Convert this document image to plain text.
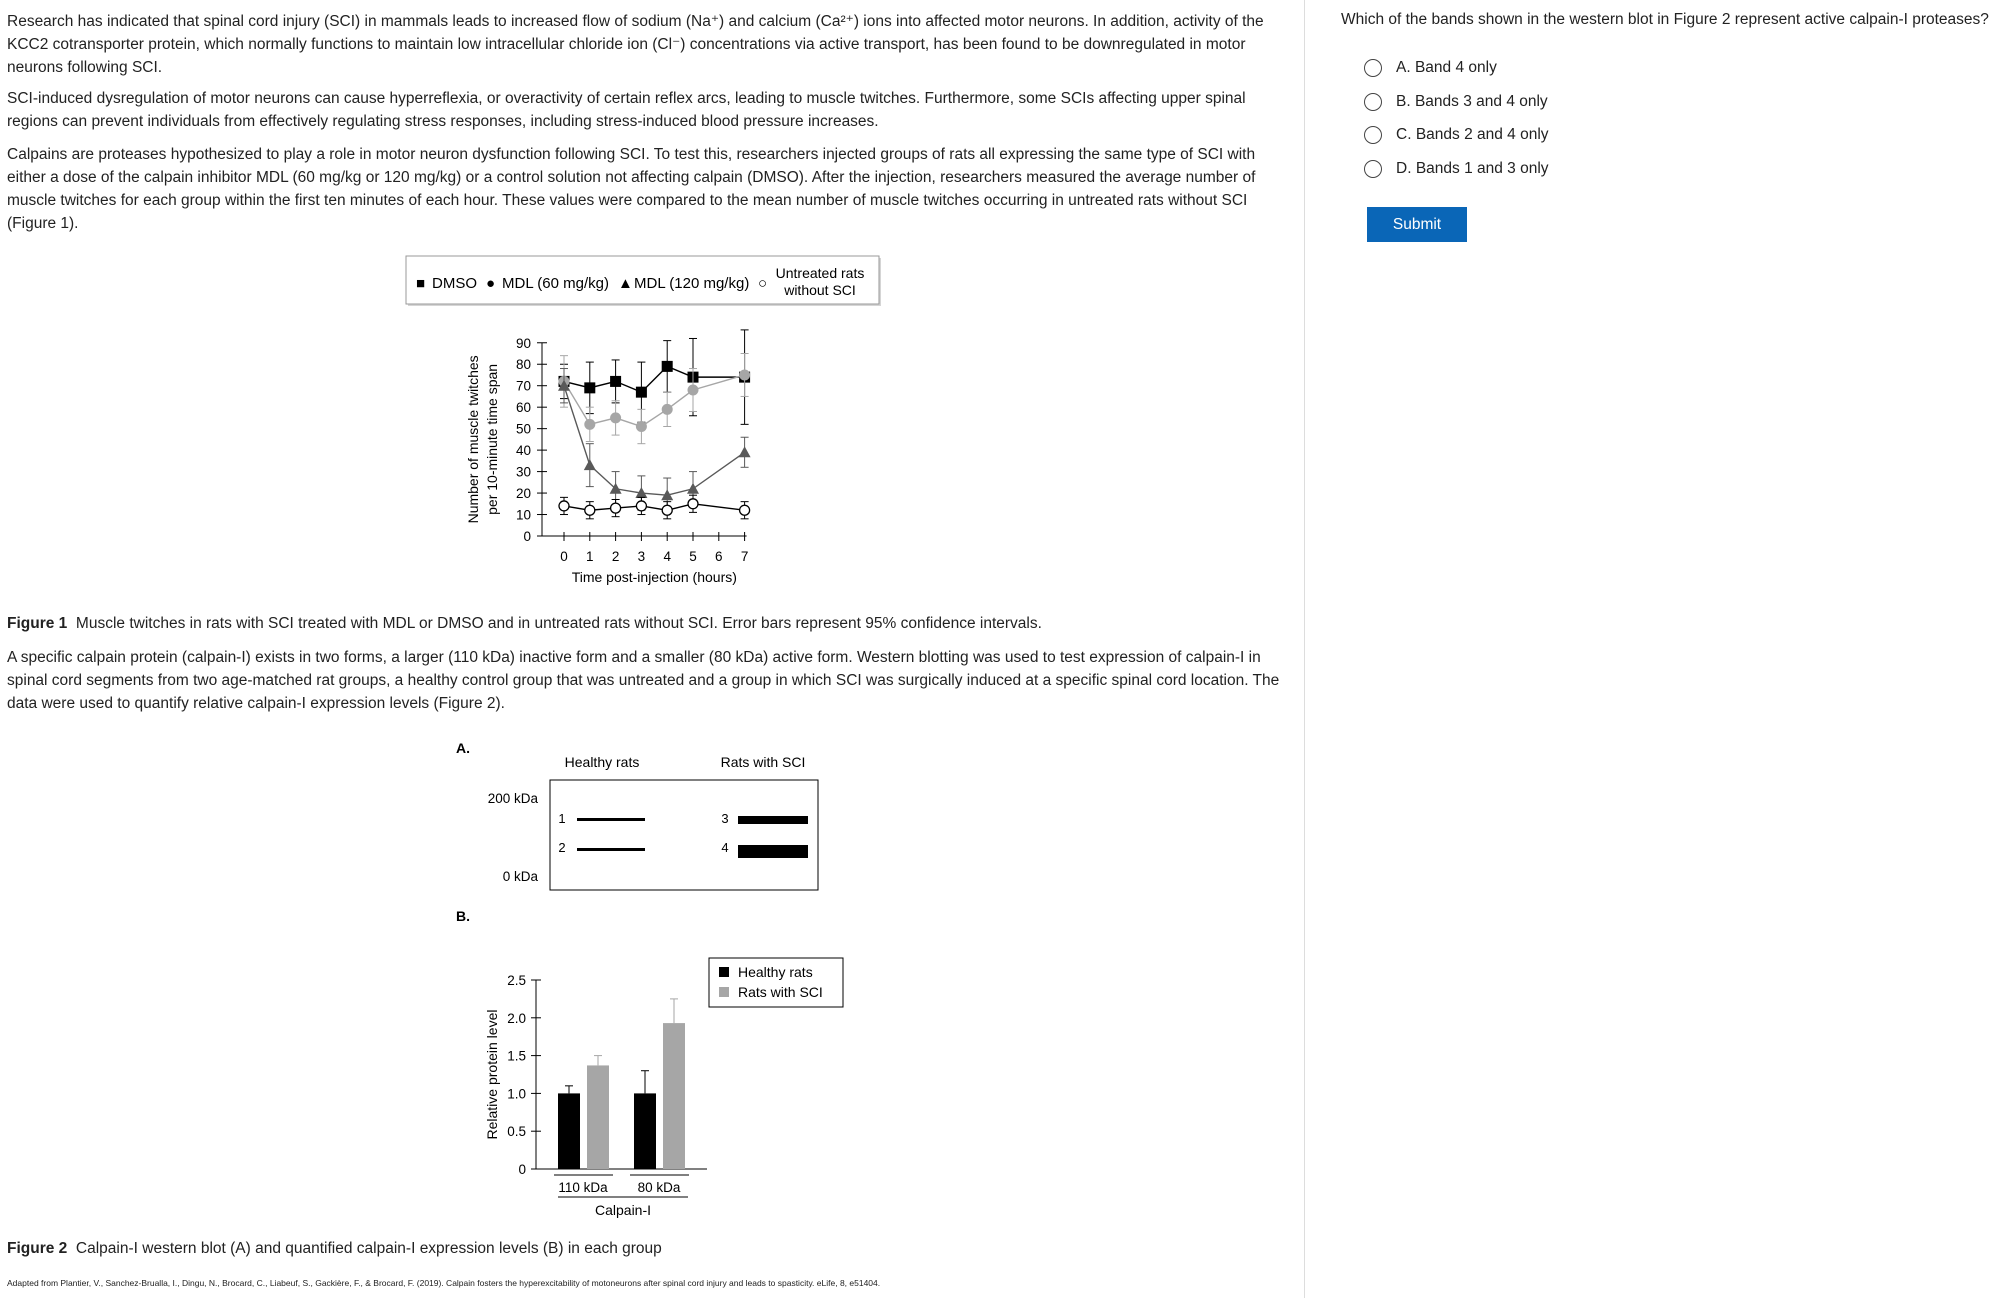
Research has indicated that spinal cord injury (SCI) in mammals leads to increased flow of sodium (Na⁺) and calcium (Ca²⁺) ions into affected motor neurons. In addition, activity of the KCC2 cotransporter protein, which normally functions to maintain low intracellular chloride ion (Cl⁻) concentrations via active transport, has been found to be downregulated in motor neurons following SCI.

SCI-induced dysregulation of motor neurons can cause hyperreflexia, or overactivity of certain reflex arcs, leading to muscle twitches. Furthermore, some SCIs affecting upper spinal regions can prevent individuals from effectively regulating stress responses, including stress-induced blood pressure increases.

Calpains are proteases hypothesized to play a role in motor neuron dysfunction following SCI. To test this, researchers injected groups of rats all expressing the same type of SCI with either a dose of the calpain inhibitor MDL (60 mg/kg or 120 mg/kg) or a control solution not affecting calpain (DMSO). After the injection, researchers measured the average number of muscle twitches for each group within the first ten minutes of each hour. These values were compared to the mean number of muscle twitches occurring in untreated rats without SCI (Figure 1).

■ DMSO ● MDL (60 mg/kg) ▲ MDL (120 mg/kg) ○
Untreated rats without SCI
0
10
20
30
40
50
60
70
80
90
0 1 2 3 4 5 6 7
Time post-injection (hours)
Number of muscle twitches per 10-minute time span

Figure 1 Muscle twitches in rats with SCI treated with MDL or DMSO and in untreated rats without SCI. Error bars represent 95% confidence intervals.

A specific calpain protein (calpain-I) exists in two forms, a larger (110 kDa) inactive form and a smaller (80 kDa) active form. Western blotting was used to test expression of calpain-I in spinal cord segments from two age-matched rat groups, a healthy control group that was untreated and a group in which SCI was surgically induced at a specific spinal cord location. The data were used to quantify relative calpain-I expression levels (Figure 2).

A.
Healthy rats	Rats with SCI
200 kDa
0 kDa
1
2
3
4
B.
0
0.5
1.0
1.5
2.0
2.5
Relative protein level
110 kDa 80 kDa
Calpain-I
Healthy rats
Rats with SCI

Figure 2 Calpain-I western blot (A) and quantified calpain-I expression levels (B) in each group

Adapted from Plantier, V., Sanchez-Brualla, I., Dingu, N., Brocard, C., Liabeuf, S., Gackière, F., & Brocard, F. (2019). Calpain fosters the hyperexcitability of motoneurons after spinal cord injury and leads to spasticity. eLife, 8, e51404.

Which of the bands shown in the western blot in Figure 2 represent active calpain-I proteases?

A. Band 4 only
B. Bands 3 and 4 only
C. Bands 2 and 4 only
D. Bands 1 and 3 only
Submit
